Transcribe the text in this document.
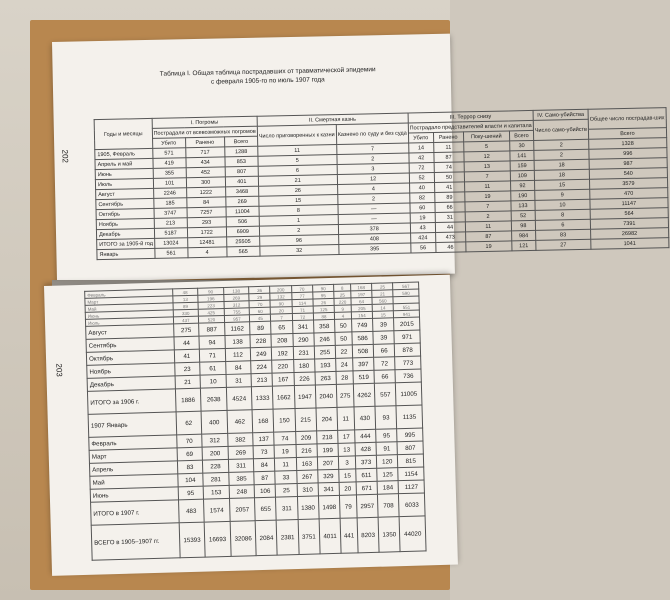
202
Таблица I. Общая таблица пострадавших от травматической эпидемии
с февраля 1905-го по июль 1907 года
Годы и месяцы	I. Погромы			II. Смертная казнь		III. Террор снизу				IV. Само-убийства	Общее число пострадав-ших
	Пострадали от всевозможных погромов			Число приговоренных к казни	Казнено по суду и без суда	Пострадало представителей власти и капитала				Число само-убийств	
	Убито	Ранено	Всего			Убито	Ранено	Поку-шений	Всего		Всего
1905, Февраль	571	717	1288	11	7	14	11	5	30	2	1328
Апрель и май	419	434	853	5	2	42	87	12	141	2	996
Июнь	355	452	807	6	3	72	74	13	159	18	987
Июль	101	300	401	21	12	52	50	7	109	18	540
Август	2246	1222	3468	26	4	40	41	11	92	15	3579
Сентябрь	185	84	269	15	2	82	89	19	190	9	470
Октябрь	3747	7257	11004	8	—	60	66	7	133	10	11147
Ноябрь	213	293	506	1	—	19	31	2	52	8	564
Декабрь	5187	1722	6909	2	378	43	44	11	98	6	7391
ИТОГО за 1905-й год	13024	12481	25505	96	408	424	473	87	984	83	26982
Январь	561	4	565	32	395	56	46	19	121	27	1041
203
Февраль	48	90	138	36	200	70	90	8	168	25	567
Март	13	196	269	29	132	77	95	25	197	21	590
Май	89	223	312	70	90	114	26	220	64	560	
Июнь	330	425	755	60	20	71	125	9	205	14	551
Июль	437	520	957	45	7	72	88	4	154	15	941
Август	275	887	1162	89	65	341	358	50	749	39	2015
Сентябрь	44	94	138	228	208	290	246	50	586	39	971
Октябрь	41	71	112	249	192	231	255	22	508	66	878
Ноябрь	23	61	84	224	220	180	193	24	397	72	773
Декабрь	21	10	31	213	167	226	263	28	519	66	736
ИТОГО за 1906 г.	1886	2638	4524	1333	1662	1947	2040	275	4262	557	11005
1907 Январь	62	400	462	168	150	215	204	11	430	93	1135
Февраль	70	312	382	137	74	209	218	17	444	95	995
Март	69	200	269	73	19	216	199	13	428	91	807
Апрель	83	228	311	84	11	163	207	3	373	120	815
Май	104	281	385	87	33	267	329	15	611	125	1154
Июнь	95	153	248	106	25	310	341	20	671	184	1127
ИТОГО в 1907 г.	483	1574	2057	655	311	1380	1498	79	2957	708	6033
ВСЕГО в 1905–1907 гг.	15393	16693	32086	2084	2381	3751	4011	441	8203	1350	44020
